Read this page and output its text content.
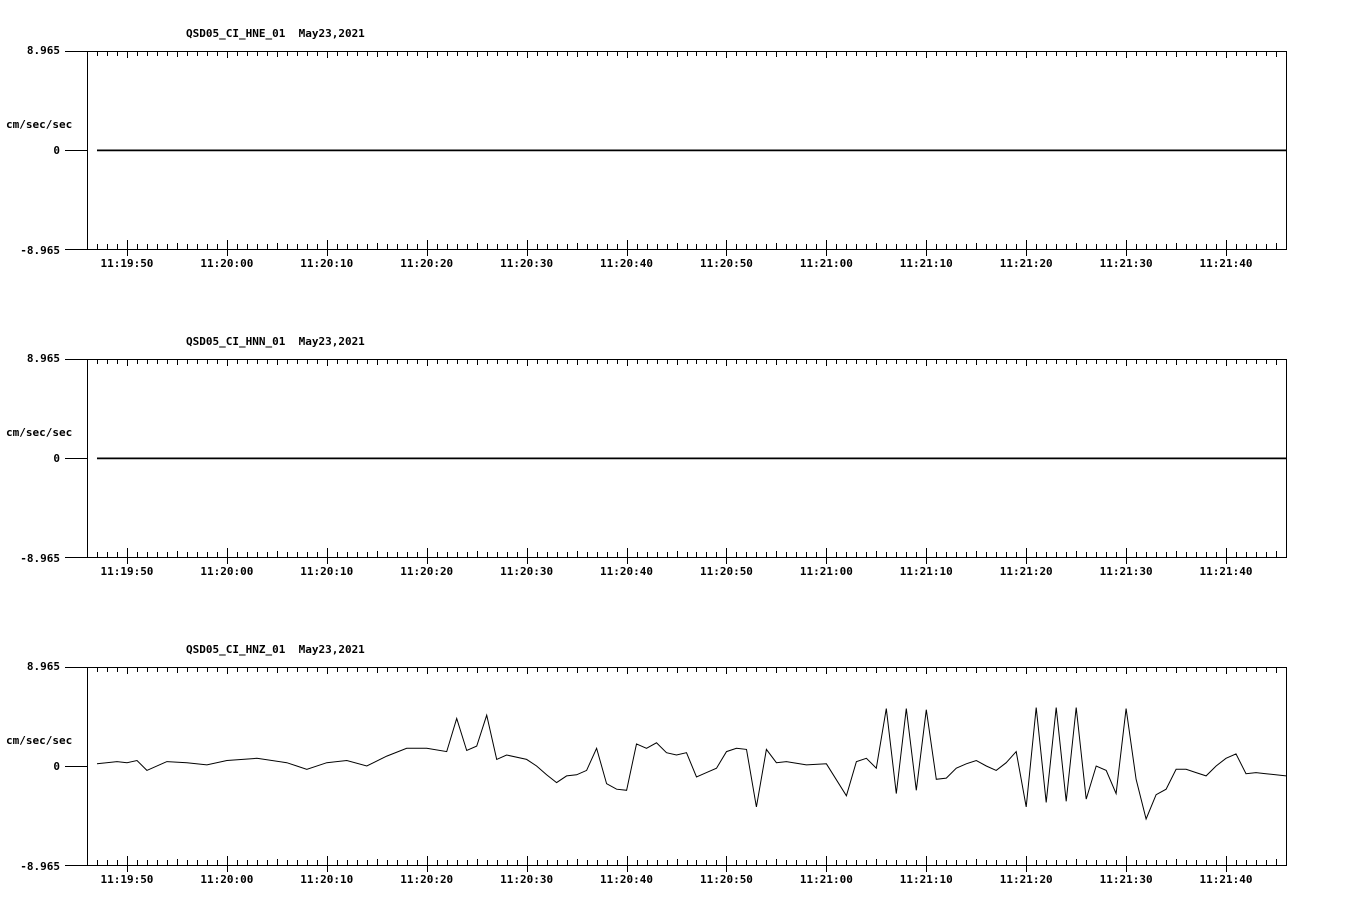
QSD05_CI_HNE_01  May23,2021
cm/sec/sec
8.965
0
-8.965
11:19:50	11:20:00	11:20:10	11:20:20	11:20:30	11:20:40	11:20:50	11:21:00	11:21:10	11:21:20	11:21:30	11:21:40
QSD05_CI_HNN_01  May23,2021
cm/sec/sec
8.965
0
-8.965
11:19:50	11:20:00	11:20:10	11:20:20	11:20:30	11:20:40	11:20:50	11:21:00	11:21:10	11:21:20	11:21:30	11:21:40
QSD05_CI_HNZ_01  May23,2021
cm/sec/sec
8.965
0
-8.965
11:19:50	11:20:00	11:20:10	11:20:20	11:20:30	11:20:40	11:20:50	11:21:00	11:21:10	11:21:20	11:21:30	11:21:40
